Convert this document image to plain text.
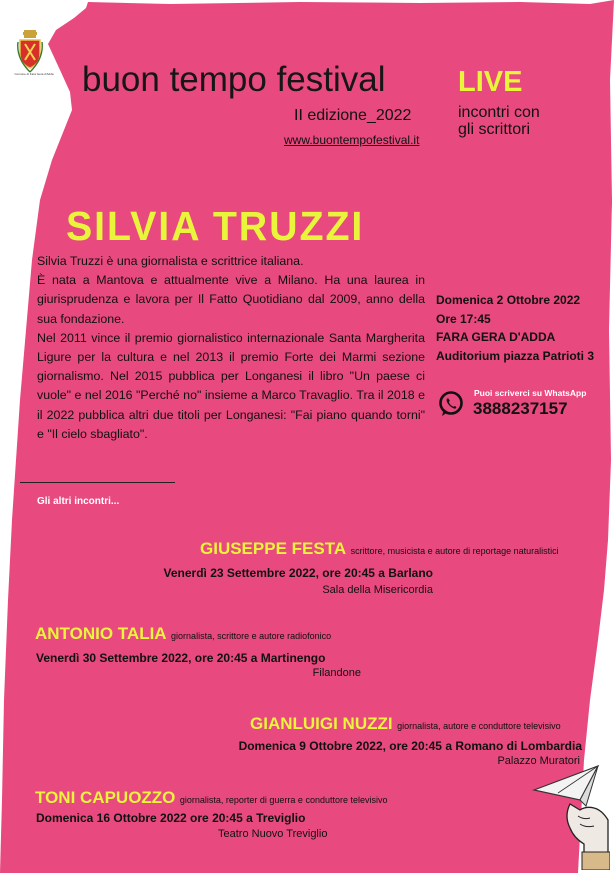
Comune di Fara Gera d'Adda buon tempo festival
II edizione_2022
www.buontempofestival.it
LIVE
incontri con
gli scrittori
SILVIA TRUZZI

Silvia Truzzi è una giornalista e scrittrice italiana.

È nata a Mantova e attualmente vive a Milano. Ha una laurea in giurisprudenza e lavora per Il Fatto Quotidiano dal 2009, anno della sua fondazione.

Nel 2011 vince il premio giornalistico internazionale Santa Margherita Ligure per la cultura e nel 2013 il premio Forte dei Marmi sezione giornalismo. Nel 2015 pubblica per Longanesi il libro "Un paese ci vuole" e nel 2016 "Perché no" insieme a Marco Travaglio. Tra il 2018 e il 2022 pubblica altri due titoli per Longanesi: "Fai piano quando torni" e "Il cielo sbagliato".

Domenica 2 Ottobre 2022
Ore 17:45
FARA GERA D'ADDA
Auditorium piazza Patrioti 3
Puoi scriverci su WhatsApp
3888237157
Gli altri incontri...
GIUSEPPE FESTA scrittore, musicista e autore di reportage naturalistici
Venerdì 23 Settembre 2022, ore 20:45 a Barlano
Sala della Misericordia
ANTONIO TALIA giornalista, scrittore e autore radiofonico
Venerdì 30 Settembre 2022, ore 20:45 a Martinengo
Filandone
GIANLUIGI NUZZI giornalista, autore e conduttore televisivo
Domenica 9 Ottobre 2022, ore 20:45 a Romano di Lombardia
Palazzo Muratori
TONI CAPUOZZO giornalista, reporter di guerra e conduttore televisivo
Domenica 16 Ottobre 2022 ore 20:45 a Treviglio
Teatro Nuovo Treviglio
